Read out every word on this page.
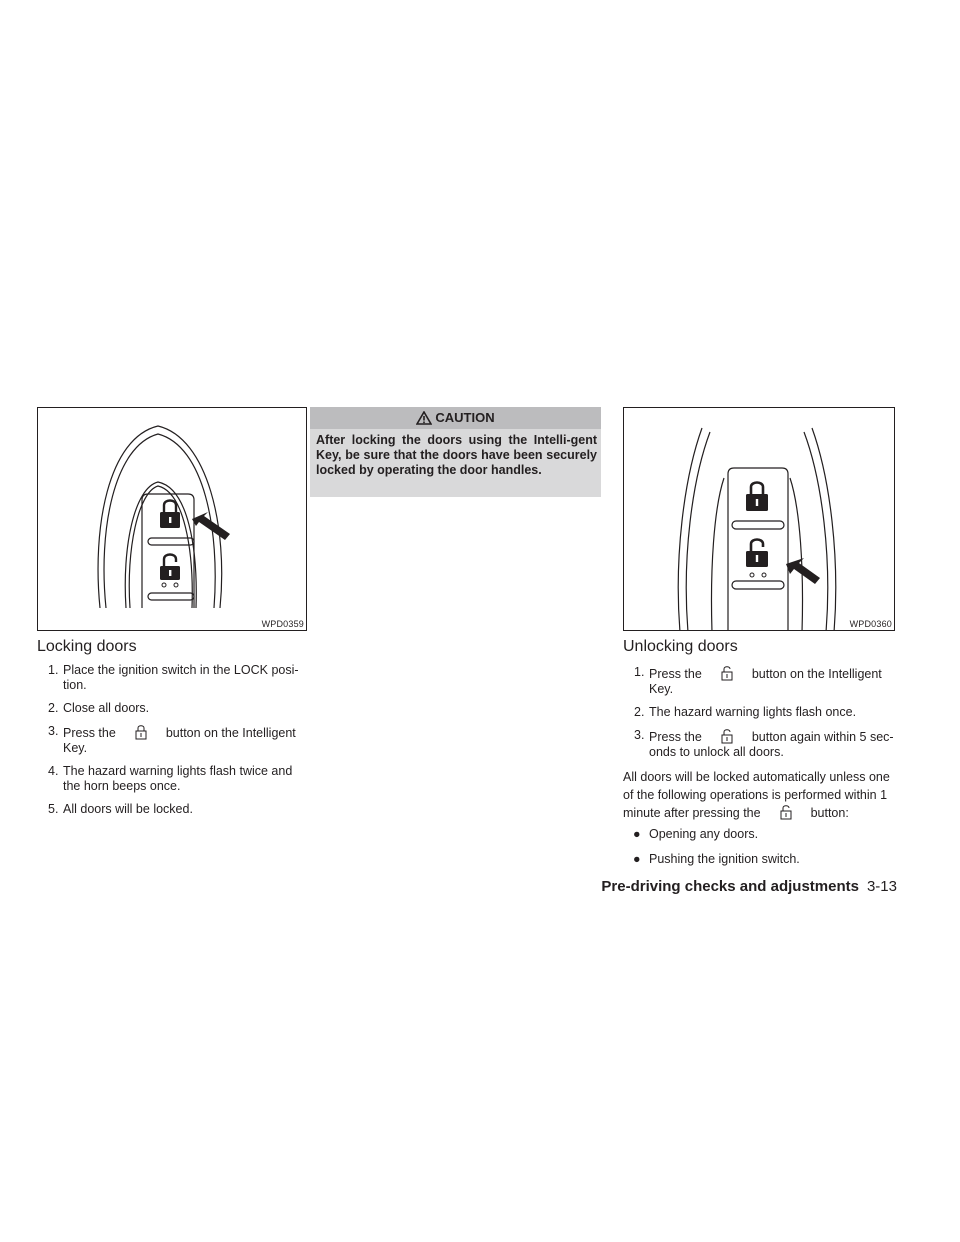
WPD0359
Locking doors
1. Place the ignition switch in the LOCK posi-tion.
2. Close all doors.
3. Press the	button on the Intelligent Key.
4. The hazard warning lights flash twice and the horn beeps once.
5. All doors will be locked.
CAUTION
After locking the doors using the Intelli-gent Key, be sure that the doors have been securely locked by operating the door handles.
WPD0360
Unlocking doors
1. Press the	button on the Intelligent Key.
2. The hazard warning lights flash once.
3. Press the	button again within 5 sec-onds to unlock all doors.

All doors will be locked automatically unless one of the following operations is performed within 1 minute after pressing the	button:

● Opening any doors.
● Pushing the ignition switch.
Pre-driving checks and adjustments 3-13
